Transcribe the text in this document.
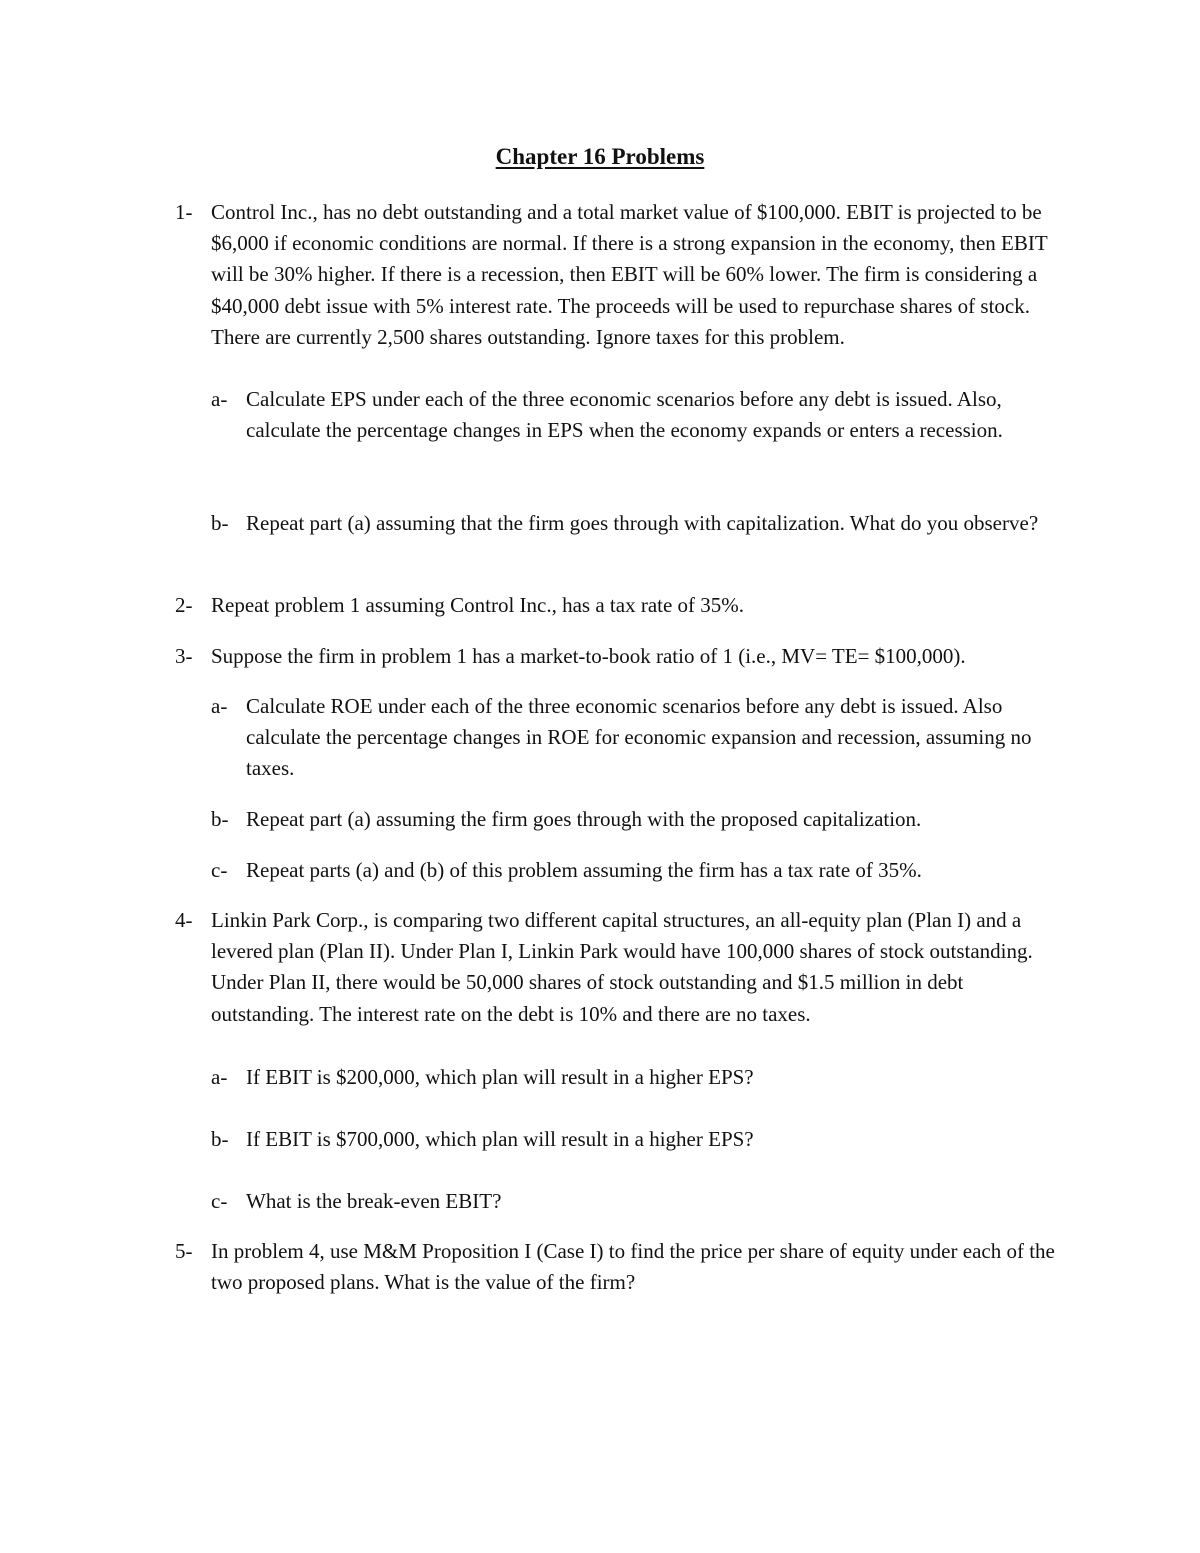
Chapter 16 Problems
1- Control Inc., has no debt outstanding and a total market value of $100,000. EBIT is projected to be $6,000 if economic conditions are normal. If there is a strong expansion in the economy, then EBIT will be 30% higher. If there is a recession, then EBIT will be 60% lower. The firm is considering a $40,000 debt issue with 5% interest rate. The proceeds will be used to repurchase shares of stock. There are currently 2,500 shares outstanding. Ignore taxes for this problem.

a- Calculate EPS under each of the three economic scenarios before any debt is issued. Also, calculate the percentage changes in EPS when the economy expands or enters a recession.

b- Repeat part (a) assuming that the firm goes through with capitalization. What do you observe?

2- Repeat problem 1 assuming Control Inc., has a tax rate of 35%.

3- Suppose the firm in problem 1 has a market-to-book ratio of 1 (i.e., MV= TE= $100,000).

a- Calculate ROE under each of the three economic scenarios before any debt is issued. Also calculate the percentage changes in ROE for economic expansion and recession, assuming no taxes.

b- Repeat part (a) assuming the firm goes through with the proposed capitalization.

c- Repeat parts (a) and (b) of this problem assuming the firm has a tax rate of 35%.

4- Linkin Park Corp., is comparing two different capital structures, an all-equity plan (Plan I) and a levered plan (Plan II). Under Plan I, Linkin Park would have 100,000 shares of stock outstanding. Under Plan II, there would be 50,000 shares of stock outstanding and $1.5 million in debt outstanding. The interest rate on the debt is 10% and there are no taxes.

a- If EBIT is $200,000, which plan will result in a higher EPS?

b- If EBIT is $700,000, which plan will result in a higher EPS?

c- What is the break-even EBIT?

5- In problem 4, use M&M Proposition I (Case I) to find the price per share of equity under each of the two proposed plans. What is the value of the firm?
